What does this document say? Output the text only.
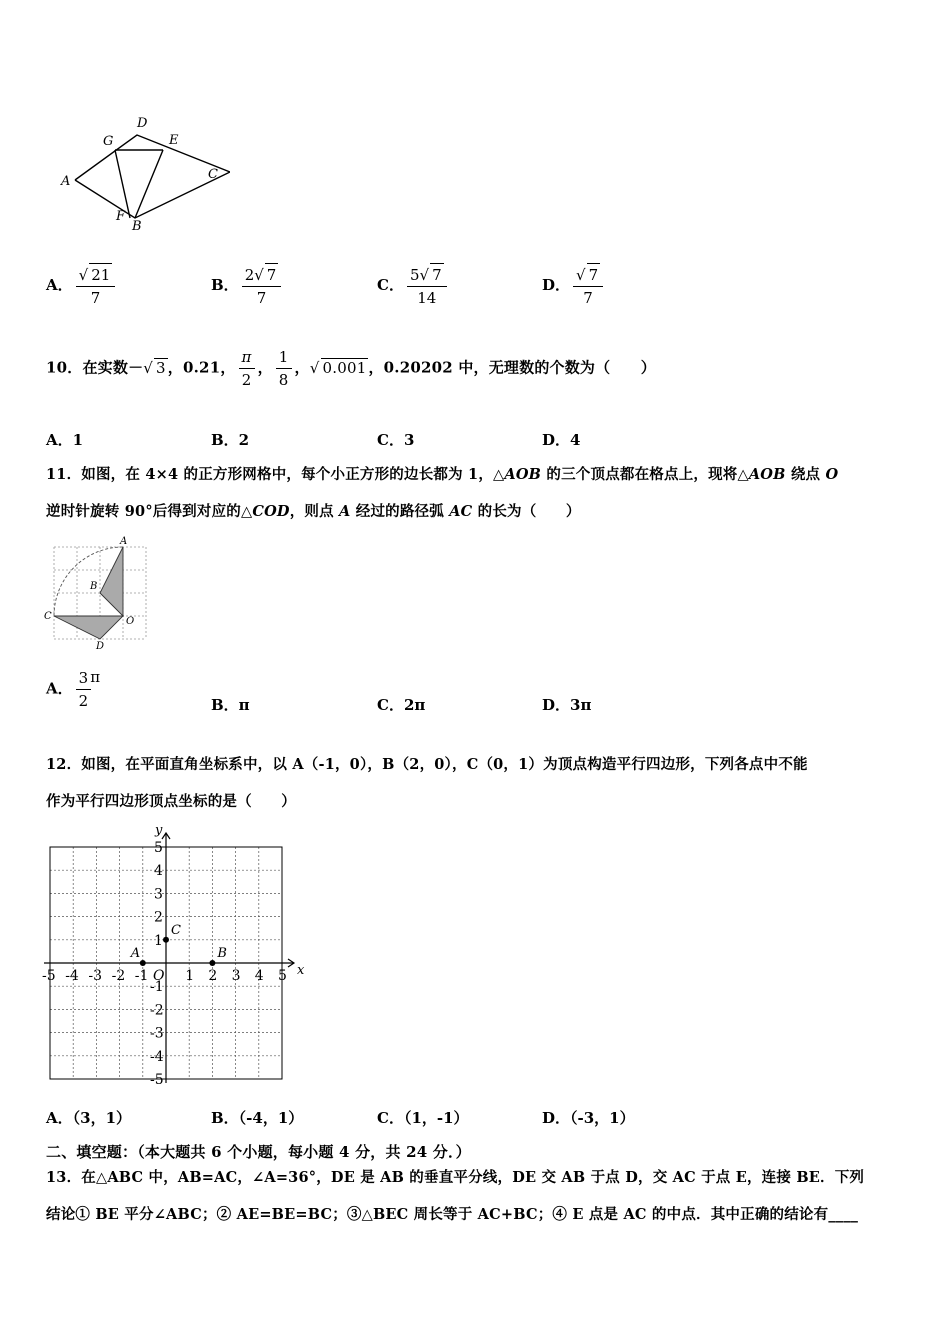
A
G
D
E
C
F
B
A． $\frac{√ 21}{7}$	B． $\frac{2√ 7}{7}$	C． $\frac{5√ 7}{14}$	D． $\frac{√ 7}{7}$
10．在实数－√ 3 ，0.21， $\frac{\pi}{2}$ ， $\frac{1}{8}$ ，√ 0.001 ，0.20202 中，无理数的个数为（　　）
A．1	B．2	C．3	D．4
11．如图，在 4×4 的正方形网格中，每个小正方形的边长都为 1，△AOB 的三个顶点都在格点上，现将△AOB 绕点 O
逆时针旋转 90°后得到对应的△COD，则点 A 经过的路径弧 AC 的长为（　　）
A
B
C	O
D
A． $\frac{3}{2}$ π
B．π	C．2π	D．3π
12．如图，在平面直角坐标系中，以 A（-1，0），B（2，0），C（0，1）为顶点构造平行四边形，下列各点中不能
作为平行四边形顶点坐标的是（　　）
-5 -4 -3 -2 -1	1 2 3 4 5
5
4
3
2
1
-1
-2
-3
-4
-5
A	B
C
x
y
O
A．（3，1）	B．（-4，1）	C．（1，-1）	D．（-3，1）
二、填空题：（本大题共 6 个小题，每小题 4 分，共 24 分．）
13．在△ABC 中，AB=AC，∠A=36°，DE 是 AB 的垂直平分线，DE 交 AB 于点 D，交 AC 于点 E，连接 BE．下列
结论① BE 平分∠ABC；② AE=BE=BC；③△BEC 周长等于 AC+BC；④ E 点是 AC 的中点．其中正确的结论有____
